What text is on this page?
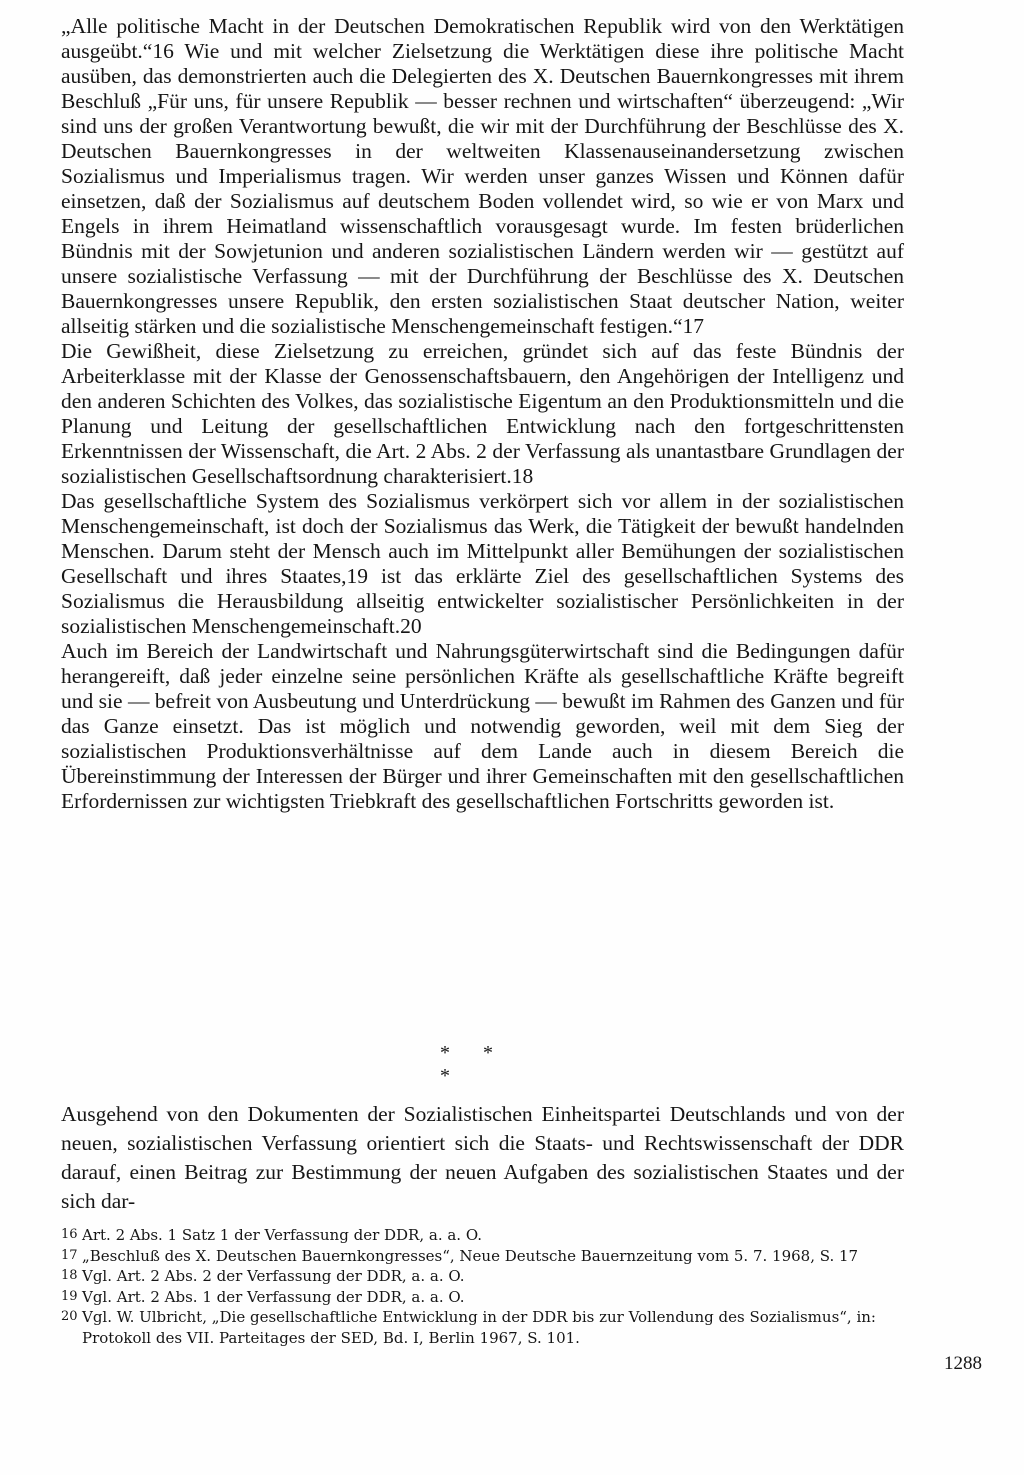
„Alle politische Macht in der Deutschen Demokratischen Republik wird von den Werktätigen ausgeübt.“16 Wie und mit welcher Zielsetzung die Werktätigen diese ihre politische Macht ausüben, das demonstrierten auch die Delegierten des X. Deutschen Bauernkongresses mit ihrem Beschluß „Für uns, für unsere Republik — besser rechnen und wirtschaften“ überzeugend: „Wir sind uns der großen Verantwortung bewußt, die wir mit der Durchführung der Beschlüsse des X. Deutschen Bauernkongresses in der weltweiten Klassenauseinandersetzung zwischen Sozialismus und Imperialismus tragen. Wir werden unser ganzes Wissen und Können dafür einsetzen, daß der Sozialismus auf deutschem Boden vollendet wird, so wie er von Marx und Engels in ihrem Heimatland wissenschaftlich vorausgesagt wurde. Im festen brüderlichen Bündnis mit der Sowjetunion und anderen sozialistischen Ländern werden wir — gestützt auf unsere sozialistische Verfassung — mit der Durchführung der Beschlüsse des X. Deutschen Bauernkongresses unsere Republik, den ersten sozialistischen Staat deutscher Nation, weiter allseitig stärken und die sozialistische Menschengemeinschaft festigen.“17

Die Gewißheit, diese Zielsetzung zu erreichen, gründet sich auf das feste Bündnis der Arbeiterklasse mit der Klasse der Genossenschaftsbauern, den Angehörigen der Intelligenz und den anderen Schichten des Volkes, das sozialistische Eigentum an den Produktionsmitteln und die Planung und Leitung der gesellschaftlichen Entwicklung nach den fortgeschrittensten Erkenntnissen der Wissenschaft, die Art. 2 Abs. 2 der Verfassung als unantastbare Grundlagen der sozialistischen Gesellschaftsordnung charakterisiert.18

Das gesellschaftliche System des Sozialismus verkörpert sich vor allem in der sozialistischen Menschengemeinschaft, ist doch der Sozialismus das Werk, die Tätigkeit der bewußt handelnden Menschen. Darum steht der Mensch auch im Mittelpunkt aller Bemühungen der sozialistischen Gesellschaft und ihres Staates,19 ist das erklärte Ziel des gesellschaftlichen Systems des Sozialismus die Herausbildung allseitig entwickelter sozialistischer Persönlichkeiten in der sozialistischen Menschengemeinschaft.20

Auch im Bereich der Landwirtschaft und Nahrungsgüterwirtschaft sind die Bedingungen dafür herangereift, daß jeder einzelne seine persönlichen Kräfte als gesellschaftliche Kräfte begreift und sie — befreit von Ausbeutung und Unterdrückung — bewußt im Rahmen des Ganzen und für das Ganze einsetzt. Das ist möglich und notwendig geworden, weil mit dem Sieg der sozialistischen Produktionsverhältnisse auf dem Lande auch in diesem Bereich die Übereinstimmung der Interessen der Bürger und ihrer Gemeinschaften mit den gesellschaftlichen Erfordernissen zur wichtigsten Triebkraft des gesellschaftlichen Fortschritts geworden ist.

* * *

Ausgehend von den Dokumenten der Sozialistischen Einheitspartei Deutschlands und von der neuen, sozialistischen Verfassung orientiert sich die Staats- und Rechtswissenschaft der DDR darauf, einen Beitrag zur Bestimmung der neuen Aufgaben des sozialistischen Staates und der sich dar-

16 Art. 2 Abs. 1 Satz 1 der Verfassung der DDR, a. a. O.
17 „Beschluß des X. Deutschen Bauernkongresses“, Neue Deutsche Bauernzeitung vom 5. 7. 1968, S. 17
18 Vgl. Art. 2 Abs. 2 der Verfassung der DDR, a. a. O.
19 Vgl. Art. 2 Abs. 1 der Verfassung der DDR, a. a. O.
20 Vgl. W. Ulbricht, „Die gesellschaftliche Entwicklung in der DDR bis zur Vollendung des Sozialismus“, in: Protokoll des VII. Parteitages der SED, Bd. I, Berlin 1967, S. 101.
1288
